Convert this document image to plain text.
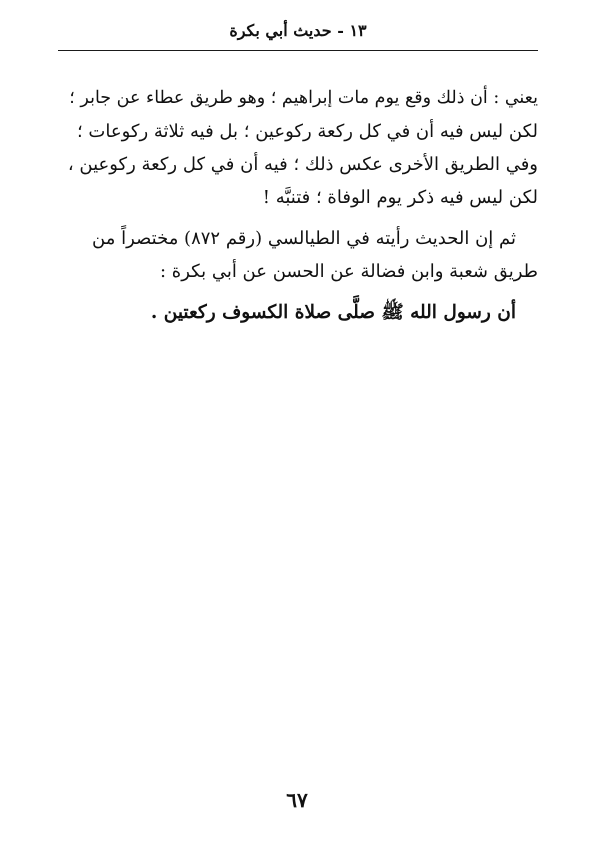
١٣ - حديث أبي بكرة
يعني : أن ذلك وقع يوم مات إبراهيم ؛ وهو طريق عطاء عن جابر ؛
لكن ليس فيه أن في كل ركعة ركوعين ؛ بل فيه ثلاثة ركوعات ؛
وفي الطريق الأخرى عكس ذلك ؛ فيه أن في كل ركعة ركوعين ،
لكن ليس فيه ذكر يوم الوفاة ؛ فتنبَّه !
ثم إن الحديث رأيته في الطيالسي (رقم ٨٧٢) مختصراً من
طريق شعبة وابن فضالة عن الحسن عن أبي بكرة :
أن رسول الله ﷺ صلَّى صلاة الكسوف ركعتين .
٦٧
